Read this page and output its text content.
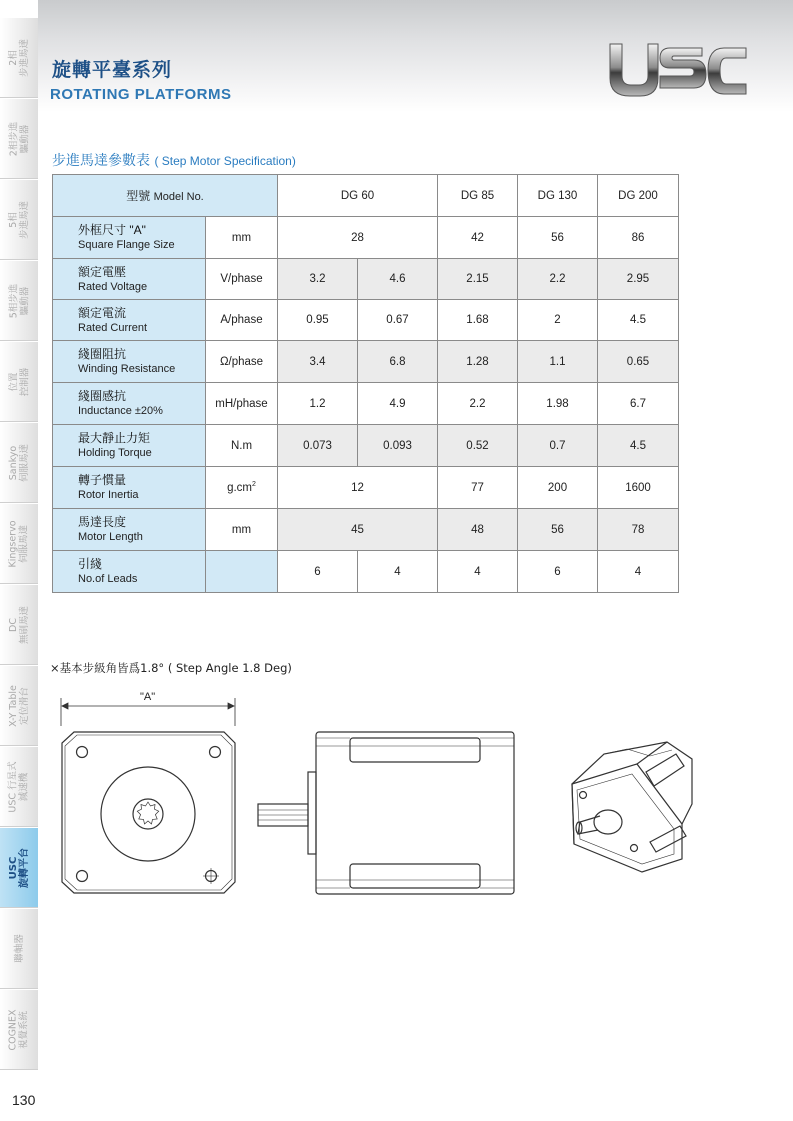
旋轉平臺系列
ROTATING PLATFORMS	USC
2相
步進馬達
2相步進
驅動器
5相
步進馬達
5相步進
驅動器
位置
控制器
Sankyo
伺服馬達
Kingservo
伺服馬達
DC
無刷馬達
X-Y Table
定位滑台
USC 行星式
減速機
USC
旋轉平台
聯軸器
COGNEX
視覺系統
130
步進馬達參數表 ( Step Motor Specification)
型號 Model No.		DG 60		DG 85	DG 130	DG 200

外框尺寸 "A"
Square Flange Size	mm	28		42	56	86

額定電壓
Rated Voltage	V/phase	3.2	4.6	2.15	2.2	2.95

額定電流
Rated Current	A/phase	0.95	0.67	1.68	2	4.5

綫圈阻抗
Winding Resistance	Ω/phase	3.4	6.8	1.28	1.1	0.65

綫圈感抗
Inductance ±20%	mH/phase	1.2	4.9	2.2	1.98	6.7

最大靜止力矩
Holding Torque	N.m	0.073	0.093	0.52	0.7	4.5

轉子慣量
Rotor Inertia	$g.cm^2$	12		77	200	1600

馬達長度
Motor Length	mm	45		48	56	78

引綫
No.of Leads		6	4	4	6	4
×基本步級角皆爲1.8° ( Step Angle 1.8 Deg)
"A"
